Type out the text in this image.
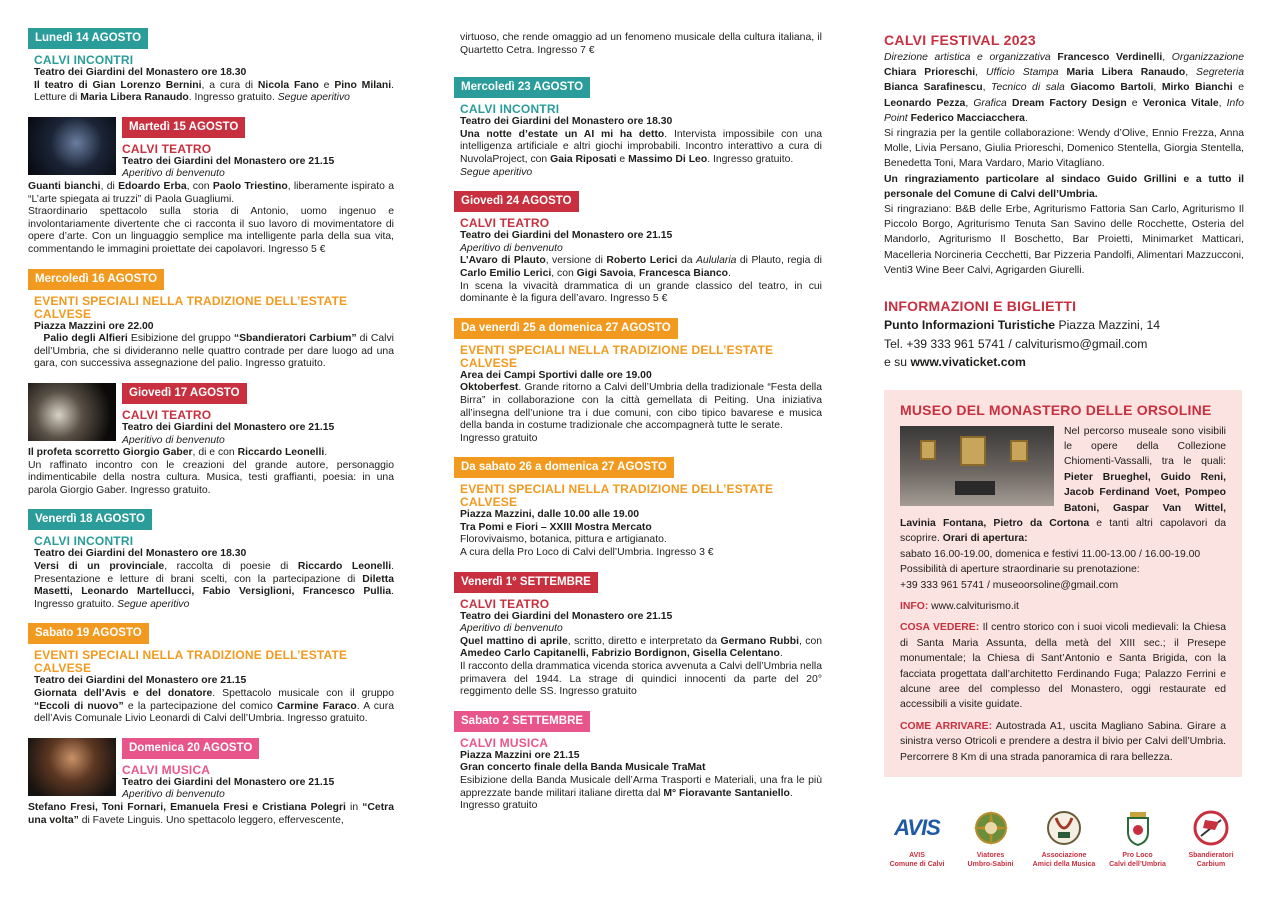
Lunedì 14 AGOSTO
CALVI INCONTRI
Teatro dei Giardini del Monastero ore 18.30

Il teatro di Gian Lorenzo Bernini, a cura di Nicola Fano e Pino Milani. Letture di Maria Libera Ranaudo. Ingresso gratuito. Segue aperitivo

Martedì 15 AGOSTO
CALVI TEATRO
Teatro dei Giardini del Monastero ore 21.15
Aperitivo di benvenuto

Guanti bianchi, di Edoardo Erba, con Paolo Triestino, liberamente ispirato a “L’arte spiegata ai truzzi” di Paola Guagliumi.

Straordinario spettacolo sulla storia di Antonio, uomo ingenuo e involontariamente divertente che ci racconta il suo lavoro di movimentatore di opere d’arte. Con un linguaggio semplice ma intelligente parla della sua vita, commentando le immagini proiettate dei capolavori. Ingresso 5 €

Mercoledì 16 AGOSTO
EVENTI SPECIALI NELLA TRADIZIONE DELL’ESTATE CALVESE
Piazza Mazzini ore 22.00

Palio degli Alfieri Esibizione del gruppo “Sbandieratori Carbium” di Calvi dell’Umbria, che si divideranno nelle quattro contrade per dare luogo ad una gara, con successiva assegnazione del palio. Ingresso gratuito.

Giovedì 17 AGOSTO
CALVI TEATRO
Teatro dei Giardini del Monastero ore 21.15
Aperitivo di benvenuto

Il profeta scorretto Giorgio Gaber, di e con Riccardo Leonelli.

Un raffinato incontro con le creazioni del grande autore, personaggio indimenticabile della nostra cultura. Musica, testi graffianti, poesia: in una parola Giorgio Gaber. Ingresso gratuito.

Venerdì 18 AGOSTO
CALVI INCONTRI
Teatro dei Giardini del Monastero ore 18.30

Versi di un provinciale, raccolta di poesie di Riccardo Leonelli. Presentazione e letture di brani scelti, con la partecipazione di Diletta Masetti, Leonardo Martellucci, Fabio Versiglioni, Francesco Pullia. Ingresso gratuito. Segue aperitivo

Sabato 19 AGOSTO
EVENTI SPECIALI NELLA TRADIZIONE DELL’ESTATE CALVESE
Teatro dei Giardini del Monastero ore 21.15

Giornata dell’Avis e del donatore. Spettacolo musicale con il gruppo “Eccoli di nuovo” e la partecipazione del comico Carmine Faraco. A cura dell’Avis Comunale Livio Leonardi di Calvi dell’Umbria. Ingresso gratuito.

Domenica 20 AGOSTO
CALVI MUSICA
Teatro dei Giardini del Monastero ore 21.15
Aperitivo di benvenuto

Stefano Fresi, Toni Fornari, Emanuela Fresi e Cristiana Polegri in “Cetra una volta” di Favete Linguis. Uno spettacolo leggero, effervescente,

virtuoso, che rende omaggio ad un fenomeno musicale della cultura italiana, il Quartetto Cetra. Ingresso 7 €

Mercoledì 23 AGOSTO
CALVI INCONTRI
Teatro dei Giardini del Monastero ore 18.30

Una notte d’estate un AI mi ha detto. Intervista impossibile con una intelligenza artificiale e altri giochi improbabili. Incontro interattivo a cura di NuvolaProject, con Gaia Riposati e Massimo Di Leo. Ingresso gratuito.

Segue aperitivo
Giovedì 24 AGOSTO
CALVI TEATRO
Teatro dei Giardini del Monastero ore 21.15
Aperitivo di benvenuto

L’Avaro di Plauto, versione di Roberto Lerici da Aulularia di Plauto, regia di Carlo Emilio Lerici, con Gigi Savoia, Francesca Bianco.

In scena la vivacità drammatica di un grande classico del teatro, in cui dominante è la figura dell’avaro. Ingresso 5 €

Da venerdì 25 a domenica 27 AGOSTO
EVENTI SPECIALI NELLA TRADIZIONE DELL’ESTATE CALVESE
Area dei Campi Sportivi dalle ore 19.00

Oktoberfest. Grande ritorno a Calvi dell’Umbria della tradizionale “Festa della Birra” in collaborazione con la città gemellata di Peiting. Una iniziativa all’insegna dell’unione tra i due comuni, con cibo tipico bavarese e musica della banda in costume tradizionale che accompagnerà tutte le serate.

Ingresso gratuito

Da sabato 26 a domenica 27 AGOSTO
EVENTI SPECIALI NELLA TRADIZIONE DELL’ESTATE CALVESE
Piazza Mazzini, dalle 10.00 alle 19.00
Tra Pomi e Fiori – XXIII Mostra Mercato
Florovivaismo, botanica, pittura e artigianato.
A cura della Pro Loco di Calvi dell’Umbria. Ingresso 3 €
Venerdì 1° SETTEMBRE
CALVI TEATRO
Teatro dei Giardini del Monastero ore 21.15
Aperitivo di benvenuto

Quel mattino di aprile, scritto, diretto e interpretato da Germano Rubbi, con Amedeo Carlo Capitanelli, Fabrizio Bordignon, Gisella Celentano.

Il racconto della drammatica vicenda storica avvenuta a Calvi dell’Umbria nella primavera del 1944. La strage di quindici innocenti da parte del 20° reggimento delle SS. Ingresso gratuito

Sabato 2 SETTEMBRE
CALVI MUSICA
Piazza Mazzini ore 21.15
Gran concerto finale della Banda Musicale TraMat

Esibizione della Banda Musicale dell’Arma Trasporti e Materiali, una fra le più apprezzate bande militari italiane diretta dal M° Fioravante Santaniello.

Ingresso gratuito

CALVI FESTIVAL 2023

Direzione artistica e organizzativa Francesco Verdinelli, Organizzazione Chiara Prioreschi, Ufficio Stampa Maria Libera Ranaudo, Segreteria Bianca Sarafinescu, Tecnico di sala Giacomo Bartoli, Mirko Bianchi e Leonardo Pezza, Grafica Dream Factory Design e Veronica Vitale, Info Point Federico Macciacchera.

Si ringrazia per la gentile collaborazione: Wendy d’Olive, Ennio Frezza, Anna Molle, Livia Persano, Giulia Prioreschi, Domenico Stentella, Giorgia Stentella, Benedetta Toni, Mara Vardaro, Mario Vitagliano.

Un ringraziamento particolare al sindaco Guido Grillini e a tutto il personale del Comune di Calvi dell’Umbria.

Si ringraziano: B&B delle Erbe, Agriturismo Fattoria San Carlo, Agriturismo Il Piccolo Borgo, Agriturismo Tenuta San Savino delle Rocchette, Osteria del Mandorlo, Agriturismo Il Boschetto, Bar Proietti, Minimarket Matticari, Macelleria Norcineria Cecchetti, Bar Pizzeria Pandolfi, Alimentari Mazzucconi, Venti3 Wine Beer Calvi, Agrigarden Giurelli.

INFORMAZIONI E BIGLIETTI

Punto Informazioni Turistiche Piazza Mazzini, 14

Tel. +39 333 961 5741 / calviturismo@gmail.com

e su www.vivaticket.com

MUSEO DEL MONASTERO DELLE ORSOLINE

Nel percorso museale sono visibili le opere della Collezione Chiomenti-Vassalli, tra le quali: Pieter Brueghel, Guido Reni, Jacob Ferdinand Voet, Pompeo Batoni, Gaspar Van Wittel, Lavinia Fontana, Pietro da Cortona e tanti altri capolavori da scoprire. Orari di apertura:

sabato 16.00-19.00, domenica e festivi 11.00-13.00 / 16.00-19.00

Possibilità di aperture straordinarie su prenotazione:

+39 333 961 5741 / museoorsoline@gmail.com

INFO: www.calviturismo.it

COSA VEDERE: Il centro storico con i suoi vicoli medievali: la Chiesa di Santa Maria Assunta, della metà del XIII sec.; il Presepe monumentale; la Chiesa di Sant’Antonio e Santa Brigida, con la facciata progettata dall’architetto Ferdinando Fuga; Palazzo Ferrini e alcune aree del complesso del Monastero, oggi restaurate ed accessibili a visite guidate.

COME ARRIVARE: Autostrada A1, uscita Magliano Sabina. Girare a sinistra verso Otricoli e prendere a destra il bivio per Calvi dell’Umbria. Percorrere 8 Km di una strada panoramica di rara bellezza.

AVIS
AVIS
Comune di Calvi
Viatores
Umbro-Sabini
Associazione
Amici della Musica
Pro Loco
Calvi dell’Umbria
Sbandieratori
Carbium
